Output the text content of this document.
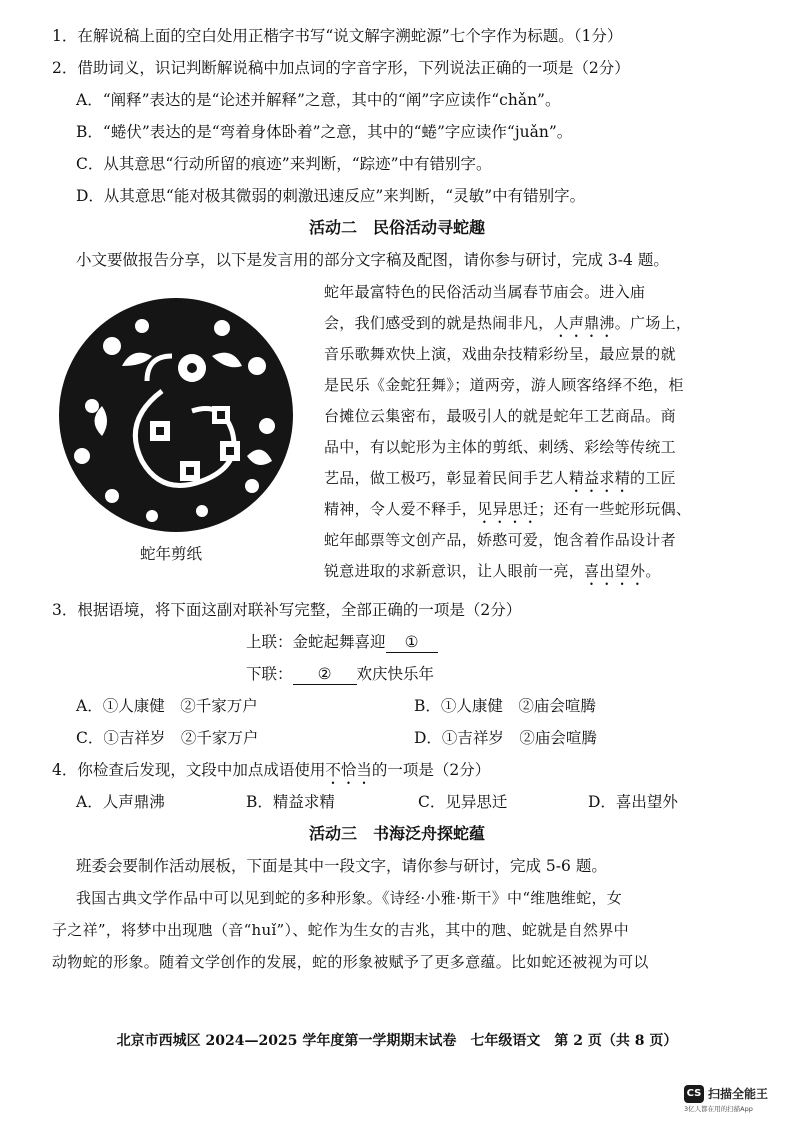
1．在解说稿上面的空白处用正楷字书写“说文解字溯蛇源”七个字作为标题。（1分）
2．借助词义，识记判断解说稿中加点词的字音字形，下列说法正确的一项是（2分）
A．“阐释”表达的是“论述并解释”之意，其中的“阐”字应读作“chǎn”。
B．“蜷伏”表达的是“弯着身体卧着”之意，其中的“蜷”字应读作“juǎn”。
C．从其意思“行动所留的痕迹”来判断，“踪迹”中有错别字。
D．从其意思“能对极其微弱的刺激迅速反应”来判断，“灵敏”中有错别字。
活动二　民俗活动寻蛇趣
小文要做报告分享，以下是发言用的部分文字稿及配图，请你参与研讨，完成 3-4 题。
蛇年剪纸
蛇年最富特色的民俗活动当属春节庙会。进入庙
会，我们感受到的就是热闹非凡，人声鼎沸。广场上，
音乐歌舞欢快上演，戏曲杂技精彩纷呈，最应景的就
是民乐《金蛇狂舞》；道两旁，游人顾客络绎不绝，柜
台摊位云集密布，最吸引人的就是蛇年工艺商品。商
品中，有以蛇形为主体的剪纸、刺绣、彩绘等传统工
艺品，做工极巧，彰显着民间手艺人精益求精的工匠
精神，令人爱不释手，见异思迁；还有一些蛇形玩偶、
蛇年邮票等文创产品，娇憨可爱，饱含着作品设计者
锐意进取的求新意识，让人眼前一亮，喜出望外。
3．根据语境，将下面这副对联补写完整，全部正确的一项是（2分）
上联：金蛇起舞喜迎 ①
下联： ② 欢庆快乐年
A．①人康健　②千家万户	B．①人康健　②庙会喧腾
C．①吉祥岁　②千家万户	D．①吉祥岁　②庙会喧腾
4．你检查后发现，文段中加点成语使用不恰当的一项是（2分）
A．人声鼎沸	B．精益求精	C．见异思迁	D．喜出望外
活动三　书海泛舟探蛇蕴
班委会要制作活动展板，下面是其中一段文字，请你参与研讨，完成 5-6 题。
我国古典文学作品中可以见到蛇的多种形象。《诗经·小雅·斯干》中“维虺维蛇，女
子之祥”，将梦中出现虺（音“huǐ”）、蛇作为生女的吉兆，其中的虺、蛇就是自然界中
动物蛇的形象。随着文学创作的发展，蛇的形象被赋予了更多意蕴。比如蛇还被视为可以
北京市西城区 2024—2025 学年度第一学期期末试卷　七年级语文　第 2 页（共 8 页）
CS 扫描全能王
3亿人都在用的扫描App
